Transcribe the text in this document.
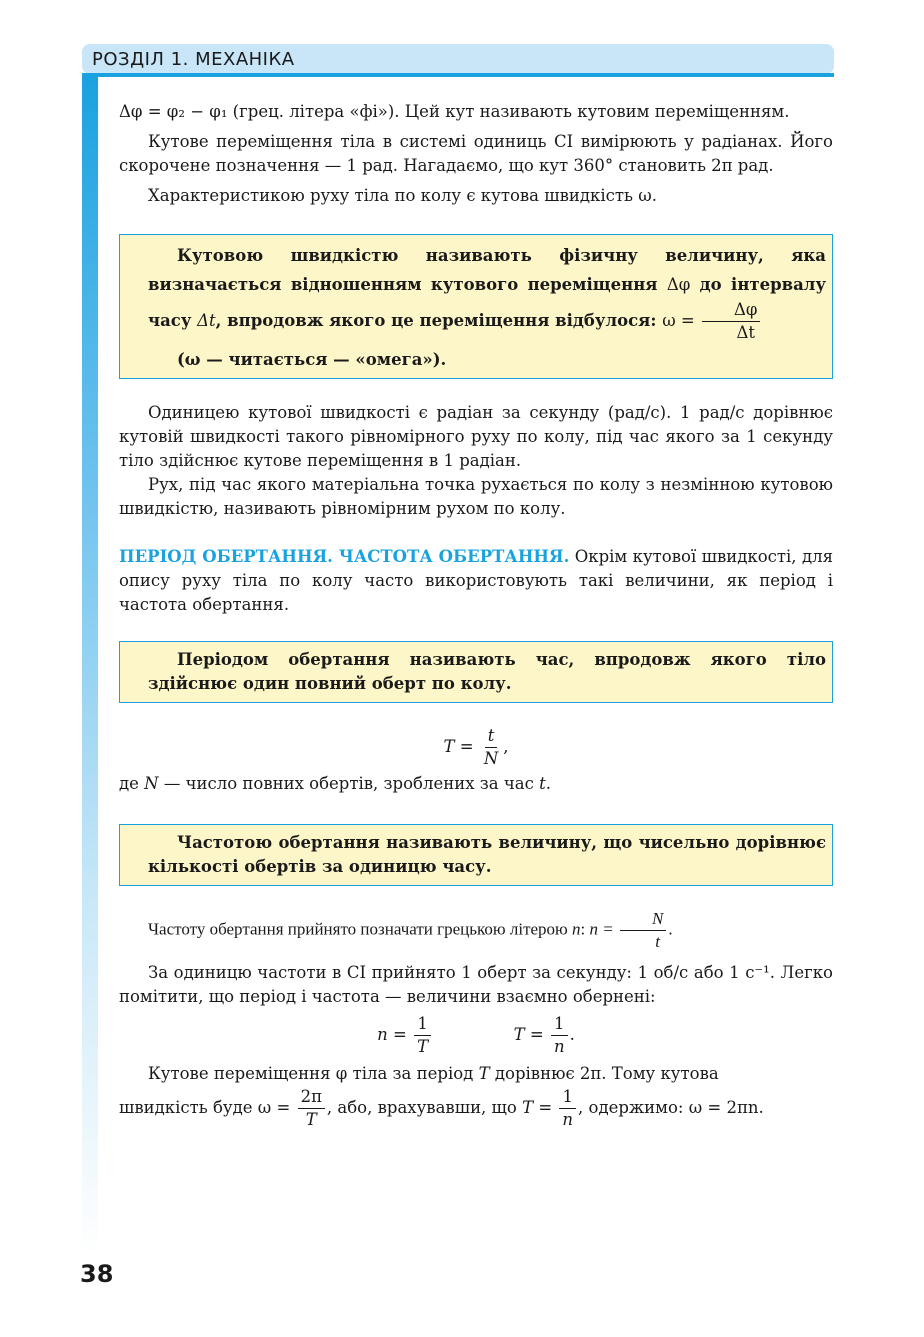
РОЗДІЛ 1. МЕХАНІКА

Δφ = φ₂ − φ₁ (грец. літера «фі»). Цей кут називають кутовим переміщенням.

Кутове переміщення тіла в системі одиниць СІ вимірюють у радіанах. Його скорочене позначення — 1 рад. Нагадаємо, що кут 360° становить 2π рад.

Характеристикою руху тіла по колу є кутова швидкість ω.

Кутовою швидкістю називають фізичну величину, яка визначається відношенням кутового переміщення Δφ до інтервалу часу Δt, впродовж якого це переміщення відбулося: $\omega = \frac{\Delta\varphi}{\Delta t}$

(ω — читається — «омега»).

Одиницею кутової швидкості є радіан за секунду (рад/с). 1 рад/с дорівнює кутовій швидкості такого рівномірного руху по колу, під час якого за 1 секунду тіло здійснює кутове переміщення в 1 радіан.

Рух, під час якого матеріальна точка рухається по колу з незмінною кутовою швидкістю, називають рівномірним рухом по колу.

ПЕРІОД ОБЕРТАННЯ. ЧАСТОТА ОБЕРТАННЯ. Окрім кутової швидкості, для опису руху тіла по колу часто використовують такі величини, як період і частота обертання.

Періодом обертання називають час, впродовж якого тіло здійснює один повний оберт по колу.

$T = \frac{t}{N}$ ,

де N — число повних обертів, зроблених за час t.

Частотою обертання називають величину, що чисельно дорівнює кількості обертів за одиницю часу.

Частоту обертання прийнято позначати грецькою літерою n: $n = \frac{N}{t}$ .

За одиницю частоти в СІ прийнято 1 оберт за секунду: 1 об/с або 1 с⁻¹. Легко помітити, що період і частота — величини взаємно обернені:

$n = \frac{1}{T}$	$T = \frac{1}{n}$ .

Кутове переміщення φ тіла за період T дорівнює 2π. Тому кутова

швидкість буде $\omega = \frac{2\pi}{T}$ , або, врахувавши, що $T = \frac{1}{n}$ , одержимо: ω = 2πn.

38
